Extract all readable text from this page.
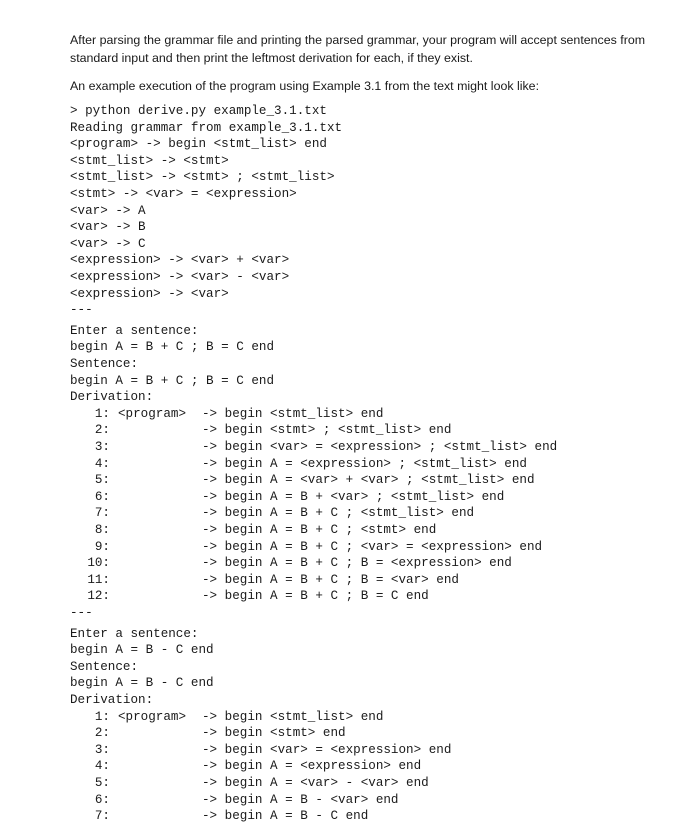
After parsing the grammar file and printing the parsed grammar, your program will accept sentences from standard input and then print the leftmost derivation for each, if they exist.

An example execution of the program using Example 3.1 from the text might look like:

> python derive.py example_3.1.txt
Reading grammar from example_3.1.txt
<program> -> begin <stmt_list> end
<stmt_list> -> <stmt>
<stmt_list> -> <stmt> ; <stmt_list>
<stmt> -> <var> = <expression>
<var> -> A
<var> -> B
<var> -> C
<expression> -> <var> + <var>
<expression> -> <var> - <var>
<expression> -> <var>
---
Enter a sentence:
begin A = B + C ; B = C end
Sentence:
begin A = B + C ; B = C end
Derivation:
1: <program> -> begin <stmt_list> end
2:	-> begin <stmt> ; <stmt_list> end
3:	-> begin <var> = <expression> ; <stmt_list> end
4:	-> begin A = <expression> ; <stmt_list> end
5:	-> begin A = <var> + <var> ; <stmt_list> end
6:	-> begin A = B + <var> ; <stmt_list> end
7:	-> begin A = B + C ; <stmt_list> end
8:	-> begin A = B + C ; <stmt> end
9:	-> begin A = B + C ; <var> = <expression> end
10:	-> begin A = B + C ; B = <expression> end
11:	-> begin A = B + C ; B = <var> end
12:	-> begin A = B + C ; B = C end
---
Enter a sentence:
begin A = B - C end
Sentence:
begin A = B - C end
Derivation:
1: <program> -> begin <stmt_list> end
2:	-> begin <stmt> end
3:	-> begin <var> = <expression> end
4:	-> begin A = <expression> end
5:	-> begin A = <var> - <var> end
6:	-> begin A = B - <var> end
7:	-> begin A = B - C end
